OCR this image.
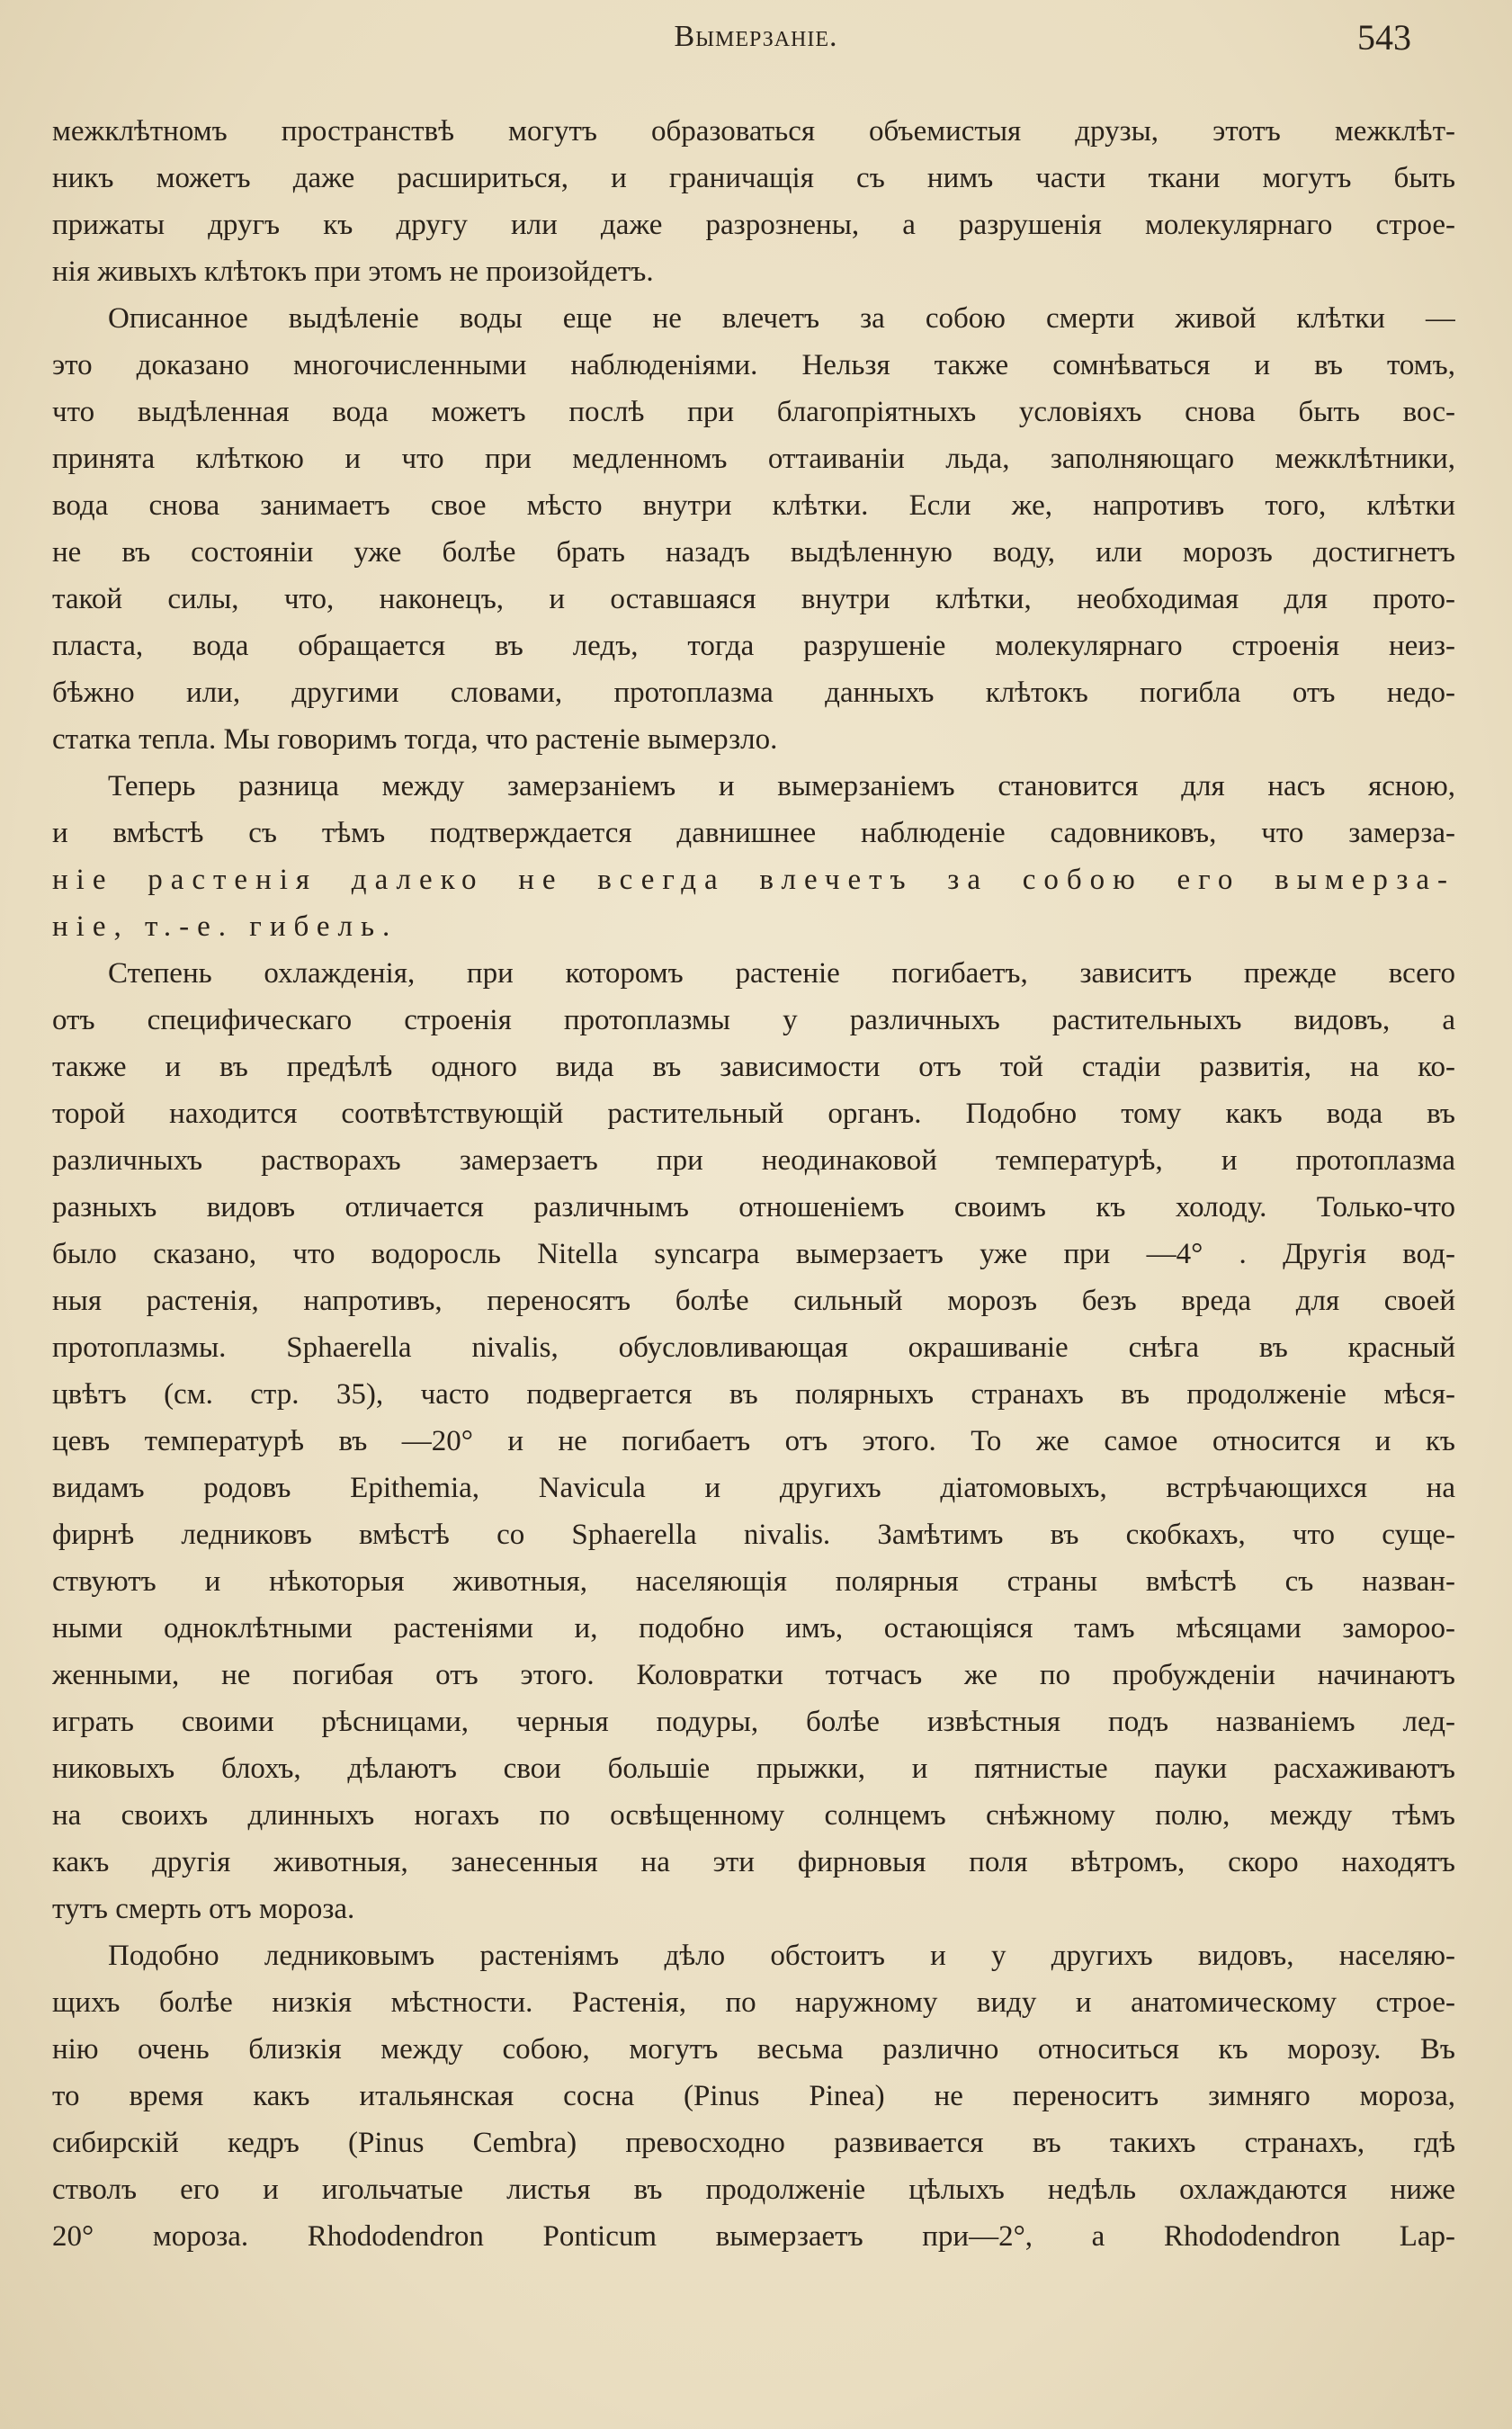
Вымерзаніе.	543
межклѣтномъ пространствѣ могутъ образоваться объемистыя друзы, этотъ межклѣт-
никъ можетъ даже расшириться, и граничащія съ нимъ части ткани могутъ быть
прижаты другъ къ другу или даже разрознены, а разрушенія молекулярнаго строе-
нія живыхъ клѣтокъ при этомъ не произойдетъ.
Описанное выдѣленіе воды еще не влечетъ за собою смерти живой клѣтки —
это доказано многочисленными наблюденіями. Нельзя также сомнѣваться и въ томъ,
что выдѣленная вода можетъ послѣ при благопріятныхъ условіяхъ снова быть вос-
принята клѣткою и что при медленномъ оттаиваніи льда, заполняющаго межклѣтники,
вода снова занимаетъ свое мѣсто внутри клѣтки. Если же, напротивъ того, клѣтки
не въ состояніи уже болѣе брать назадъ выдѣленную воду, или морозъ достигнетъ
такой силы, что, наконецъ, и оставшаяся внутри клѣтки, необходимая для прото-
пласта, вода обращается въ ледъ, тогда разрушеніе молекулярнаго строенія неиз-
бѣжно или, другими словами, протоплазма данныхъ клѣтокъ погибла отъ недо-
статка тепла. Мы говоримъ тогда, что растеніе вымерзло.
Теперь разница между замерзаніемъ и вымерзаніемъ становится для насъ ясною,
и вмѣстѣ съ тѣмъ подтверждается давнишнее наблюденіе садовниковъ, что замерза-
ніе растенія далеко не всегда влечетъ за собою его вымерза-
ніе, т.-е. гибель.
Степень охлажденія, при которомъ растеніе погибаетъ, зависитъ прежде всего
отъ специфическаго строенія протоплазмы у различныхъ растительныхъ видовъ, а
также и въ предѣлѣ одного вида въ зависимости отъ той стадіи развитія, на ко-
торой находится соотвѣтствующій растительный органъ. Подобно тому какъ вода въ
различныхъ растворахъ замерзаетъ при неодинаковой температурѣ, и протоплазма
разныхъ видовъ отличается различнымъ отношеніемъ своимъ къ холоду. Только-что
было сказано, что водоросль Nitella syncarpa вымерзаетъ уже при —4° . Другія вод-
ныя растенія, напротивъ, переносятъ болѣе сильный морозъ безъ вреда для своей
протоплазмы. Sphaerella nivalis, обусловливающая окрашиваніе снѣга въ красный
цвѣтъ (см. стр. 35), часто подвергается въ полярныхъ странахъ въ продолженіе мѣся-
цевъ температурѣ въ —20° и не погибаетъ отъ этого. То же самое относится и къ
видамъ родовъ Epithemia, Navicula и другихъ діатомовыхъ, встрѣчающихся на
фирнѣ ледниковъ вмѣстѣ со Sphaerella nivalis. Замѣтимъ въ скобкахъ, что суще-
ствуютъ и нѣкоторыя животныя, населяющія полярныя страны вмѣстѣ съ назван-
ными одноклѣтными растеніями и, подобно имъ, остающіяся тамъ мѣсяцами замороо-
женными, не погибая отъ этого. Коловратки тотчасъ же по пробужденіи начинаютъ
играть своими рѣсницами, черныя подуры, болѣе извѣстныя подъ названіемъ лед-
никовыхъ блохъ, дѣлаютъ свои большіе прыжки, и пятнистые пауки расхаживаютъ
на своихъ длинныхъ ногахъ по освѣщенному солнцемъ снѣжному полю, между тѣмъ
какъ другія животныя, занесенныя на эти фирновыя поля вѣтромъ, скоро находятъ
тутъ смерть отъ мороза.
Подобно ледниковымъ растеніямъ дѣло обстоитъ и у другихъ видовъ, населяю-
щихъ болѣе низкія мѣстности. Растенія, по наружному виду и анатомическому строе-
нію очень близкія между собою, могутъ весьма различно относиться къ морозу. Въ
то время какъ итальянская сосна (Pinus Pinea) не переноситъ зимняго мороза,
сибирскій кедръ (Pinus Cembra) превосходно развивается въ такихъ странахъ, гдѣ
стволъ его и игольчатые листья въ продолженіе цѣлыхъ недѣль охлаждаются ниже
20° мороза. Rhododendron Ponticum вымерзаетъ при—2°, а Rhododendron Lap-
